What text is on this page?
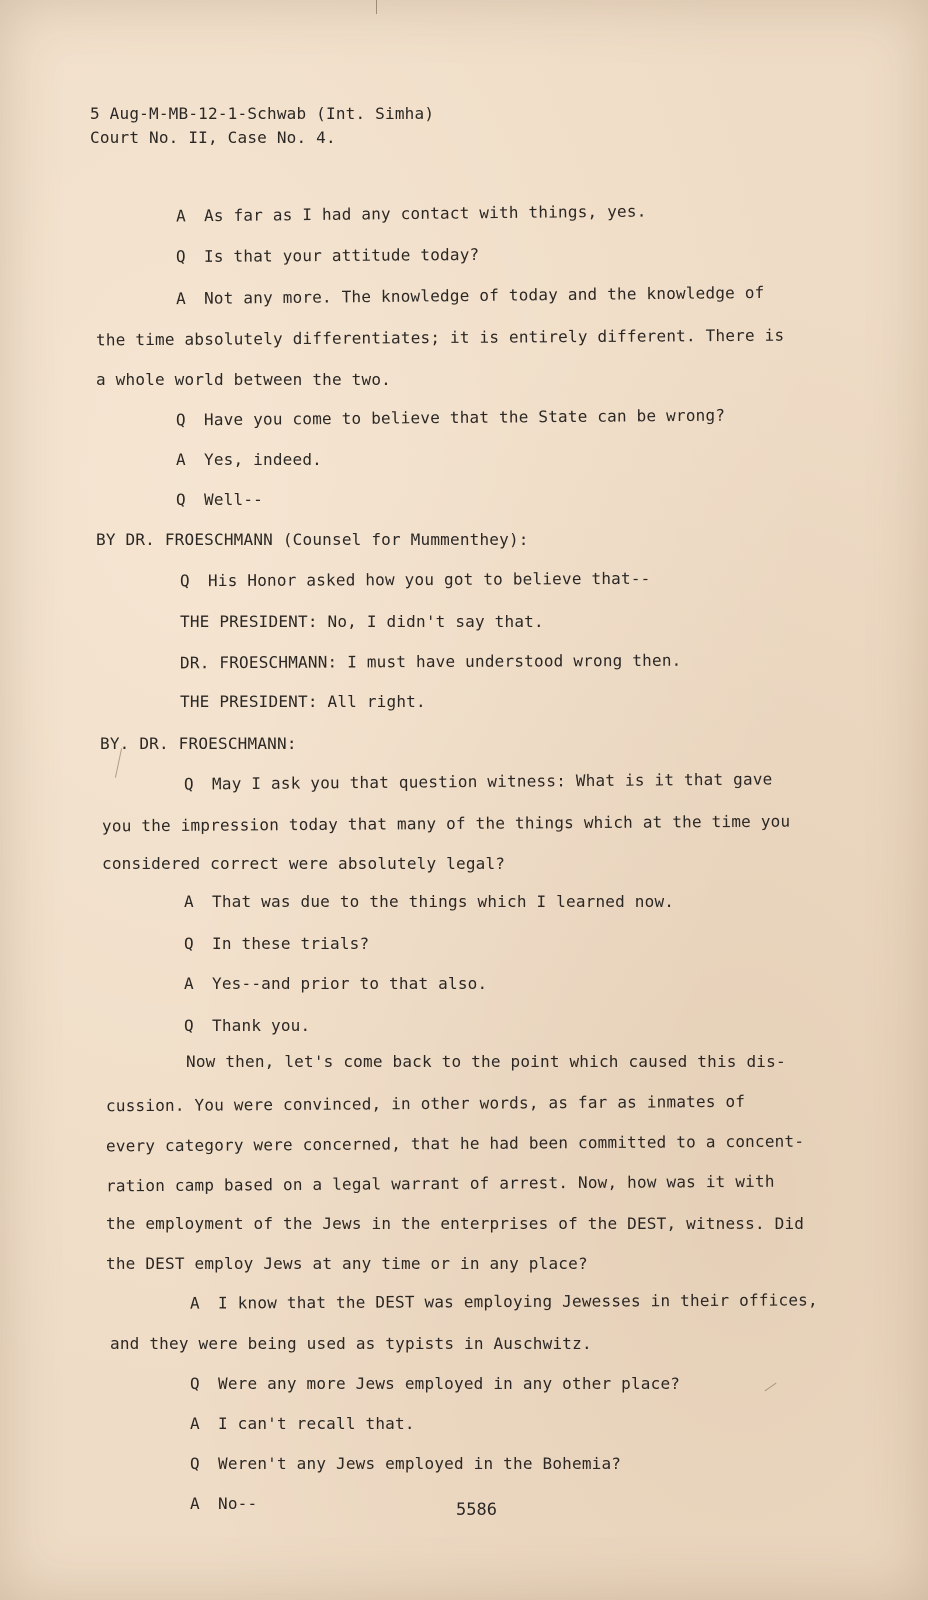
5 Aug-M-MB-12-1-Schwab (Int. Simha)
Court No. II, Case No. 4.
A As far as I had any contact with things, yes.
Q Is that your attitude today?
A Not any more. The knowledge of today and the knowledge of
the time absolutely differentiates; it is entirely different. There is
a whole world between the two.
Q Have you come to believe that the State can be wrong?
A Yes, indeed.
Q Well--
BY DR. FROESCHMANN (Counsel for Mummenthey):
Q His Honor asked how you got to believe that--
THE PRESIDENT: No, I didn't say that.
DR. FROESCHMANN: I must have understood wrong then.
THE PRESIDENT: All right.
BY. DR. FROESCHMANN:
Q May I ask you that question witness: What is it that gave
you the impression today that many of the things which at the time you
considered correct were absolutely legal?
A That was due to the things which I learned now.
Q In these trials?
A Yes--and prior to that also.
Q Thank you.
Now then, let's come back to the point which caused this dis-
cussion. You were convinced, in other words, as far as inmates of
every category were concerned, that he had been committed to a concent-
ration camp based on a legal warrant of arrest. Now, how was it with
the employment of the Jews in the enterprises of the DEST, witness. Did
the DEST employ Jews at any time or in any place?
A I know that the DEST was employing Jewesses in their offices,
and they were being used as typists in Auschwitz.
Q Were any more Jews employed in any other place?
A I can't recall that.
Q Weren't any Jews employed in the Bohemia?
A No--	5586
